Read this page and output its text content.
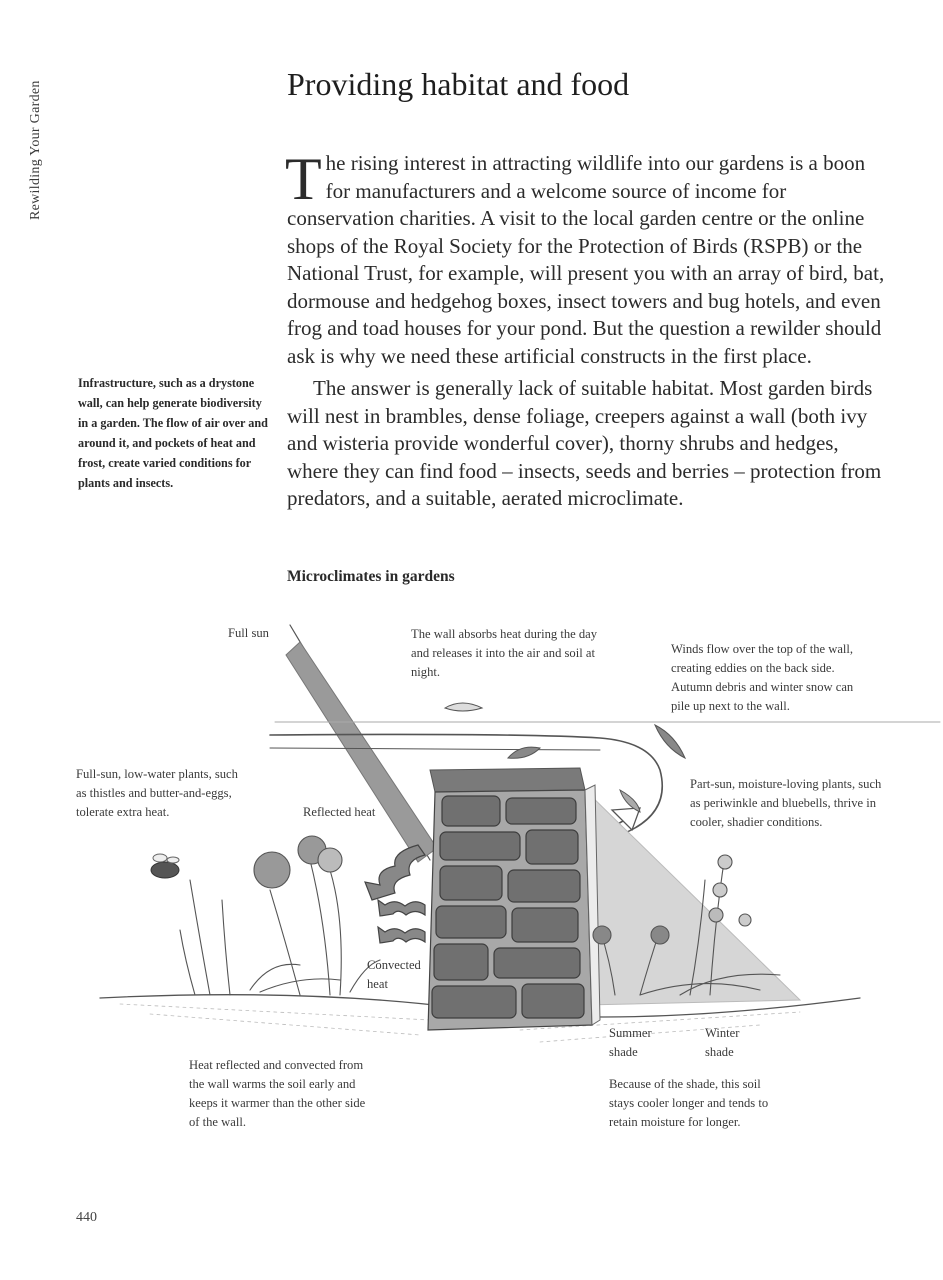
Rewilding Your Garden	Providing habitat and food
The rising interest in attracting wildlife into our gardens is a boon for manufacturers and a welcome source of income for conservation charities. A visit to the local garden centre or the online shops of the Royal Society for the Protection of Birds (RSPB) or the National Trust, for example, will present you with an array of bird, bat, dormouse and hedgehog boxes, insect towers and bug hotels, and even frog and toad houses for your pond. But the question a rewilder should ask is why we need these artificial constructs in the first place.
The answer is generally lack of suitable habitat. Most garden birds will nest in brambles, dense foliage, creepers against a wall (both ivy and wisteria provide wonderful cover), thorny shrubs and hedges, where they can find food – insects, seeds and berries – protection from predators, and a suitable, aerated microclimate.
Infrastructure, such as a drystone wall, can help generate biodiversity in a garden. The flow of air over and around it, and pockets of heat and frost, create varied conditions for plants and insects.
Microclimates in gardens
Full sun	The wall absorbs heat during the day and releases it into the air and soil at night.
Winds flow over the top of the wall, creating eddies on the back side. Autumn debris and winter snow can pile up next to the wall.
Full-sun, low-water plants, such as thistles and butter-and-eggs, tolerate extra heat.	Reflected heat
Part-sun, moisture-loving plants, such as periwinkle and bluebells, thrive in cooler, shadier conditions.
Convected heat
Summer shade
Winter shade
Heat reflected and convected from the wall warms the soil early and keeps it warmer than the other side of the wall.
Because of the shade, this soil stays cooler longer and tends to retain moisture for longer.
440
